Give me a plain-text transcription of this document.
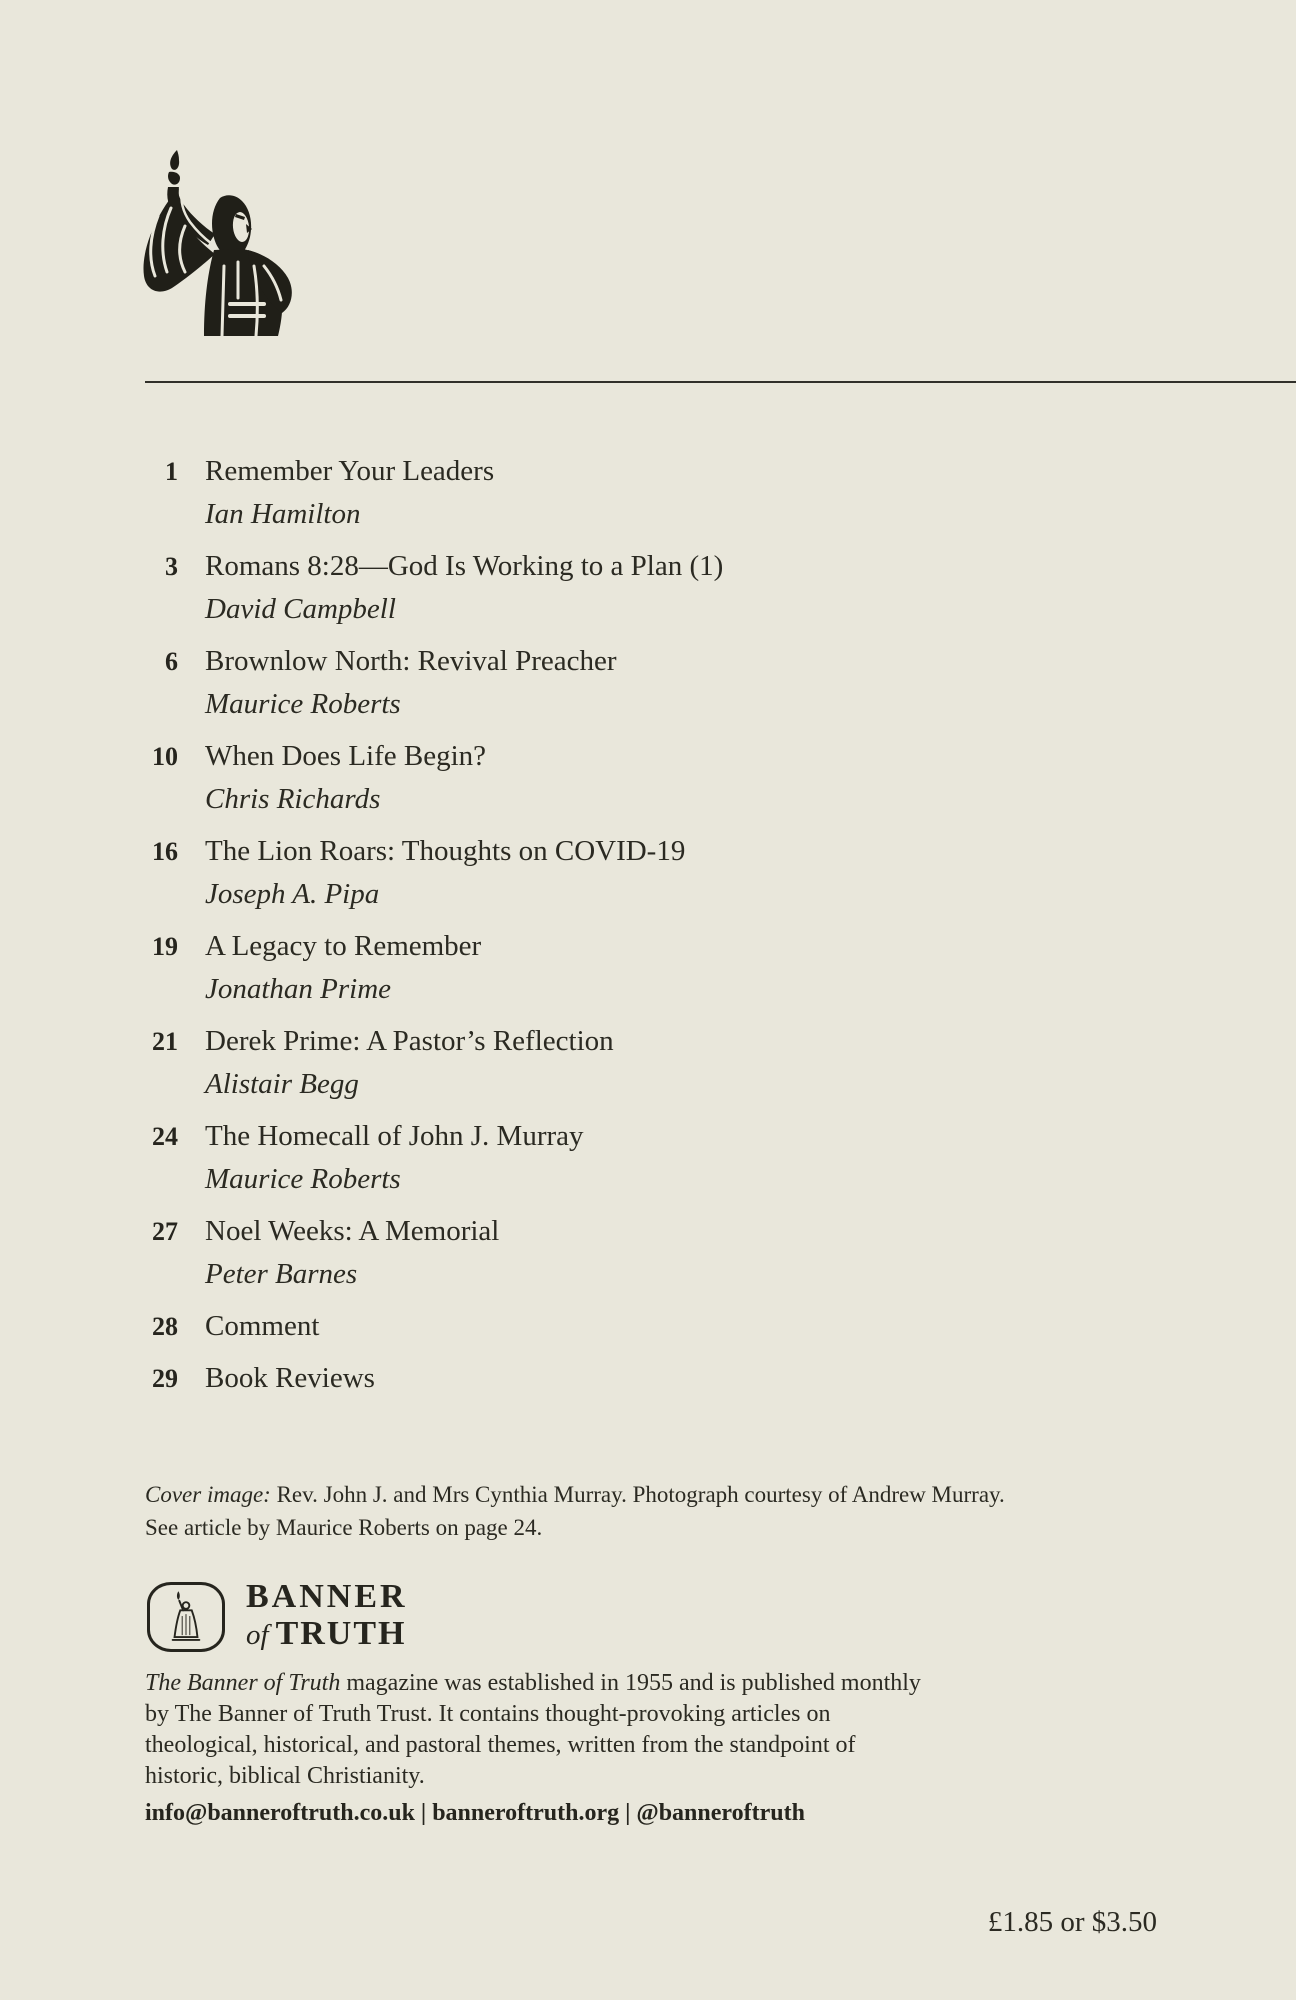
1 Remember Your Leaders
Ian Hamilton
3 Romans 8:28—God Is Working to a Plan (1)
David Campbell
6 Brownlow North: Revival Preacher
Maurice Roberts
10 When Does Life Begin?
Chris Richards
16 The Lion Roars: Thoughts on COVID-19
Joseph A. Pipa
19 A Legacy to Remember
Jonathan Prime
21 Derek Prime: A Pastor’s Reflection
Alistair Begg
24 The Homecall of John J. Murray
Maurice Roberts
27 Noel Weeks: A Memorial
Peter Barnes
28 Comment
29 Book Reviews
Cover image: Rev. John J. and Mrs Cynthia Murray. Photograph courtesy of Andrew Murray.
See article by Maurice Roberts on page 24.
BANNER
of TRUTH
The Banner of Truth magazine was established in 1955 and is published monthly
by The Banner of Truth Trust. It contains thought-provoking articles on
theological, historical, and pastoral themes, written from the standpoint of
historic, biblical Christianity.
info@banneroftruth.co.uk | banneroftruth.org | @banneroftruth
£1.85 or $3.50
